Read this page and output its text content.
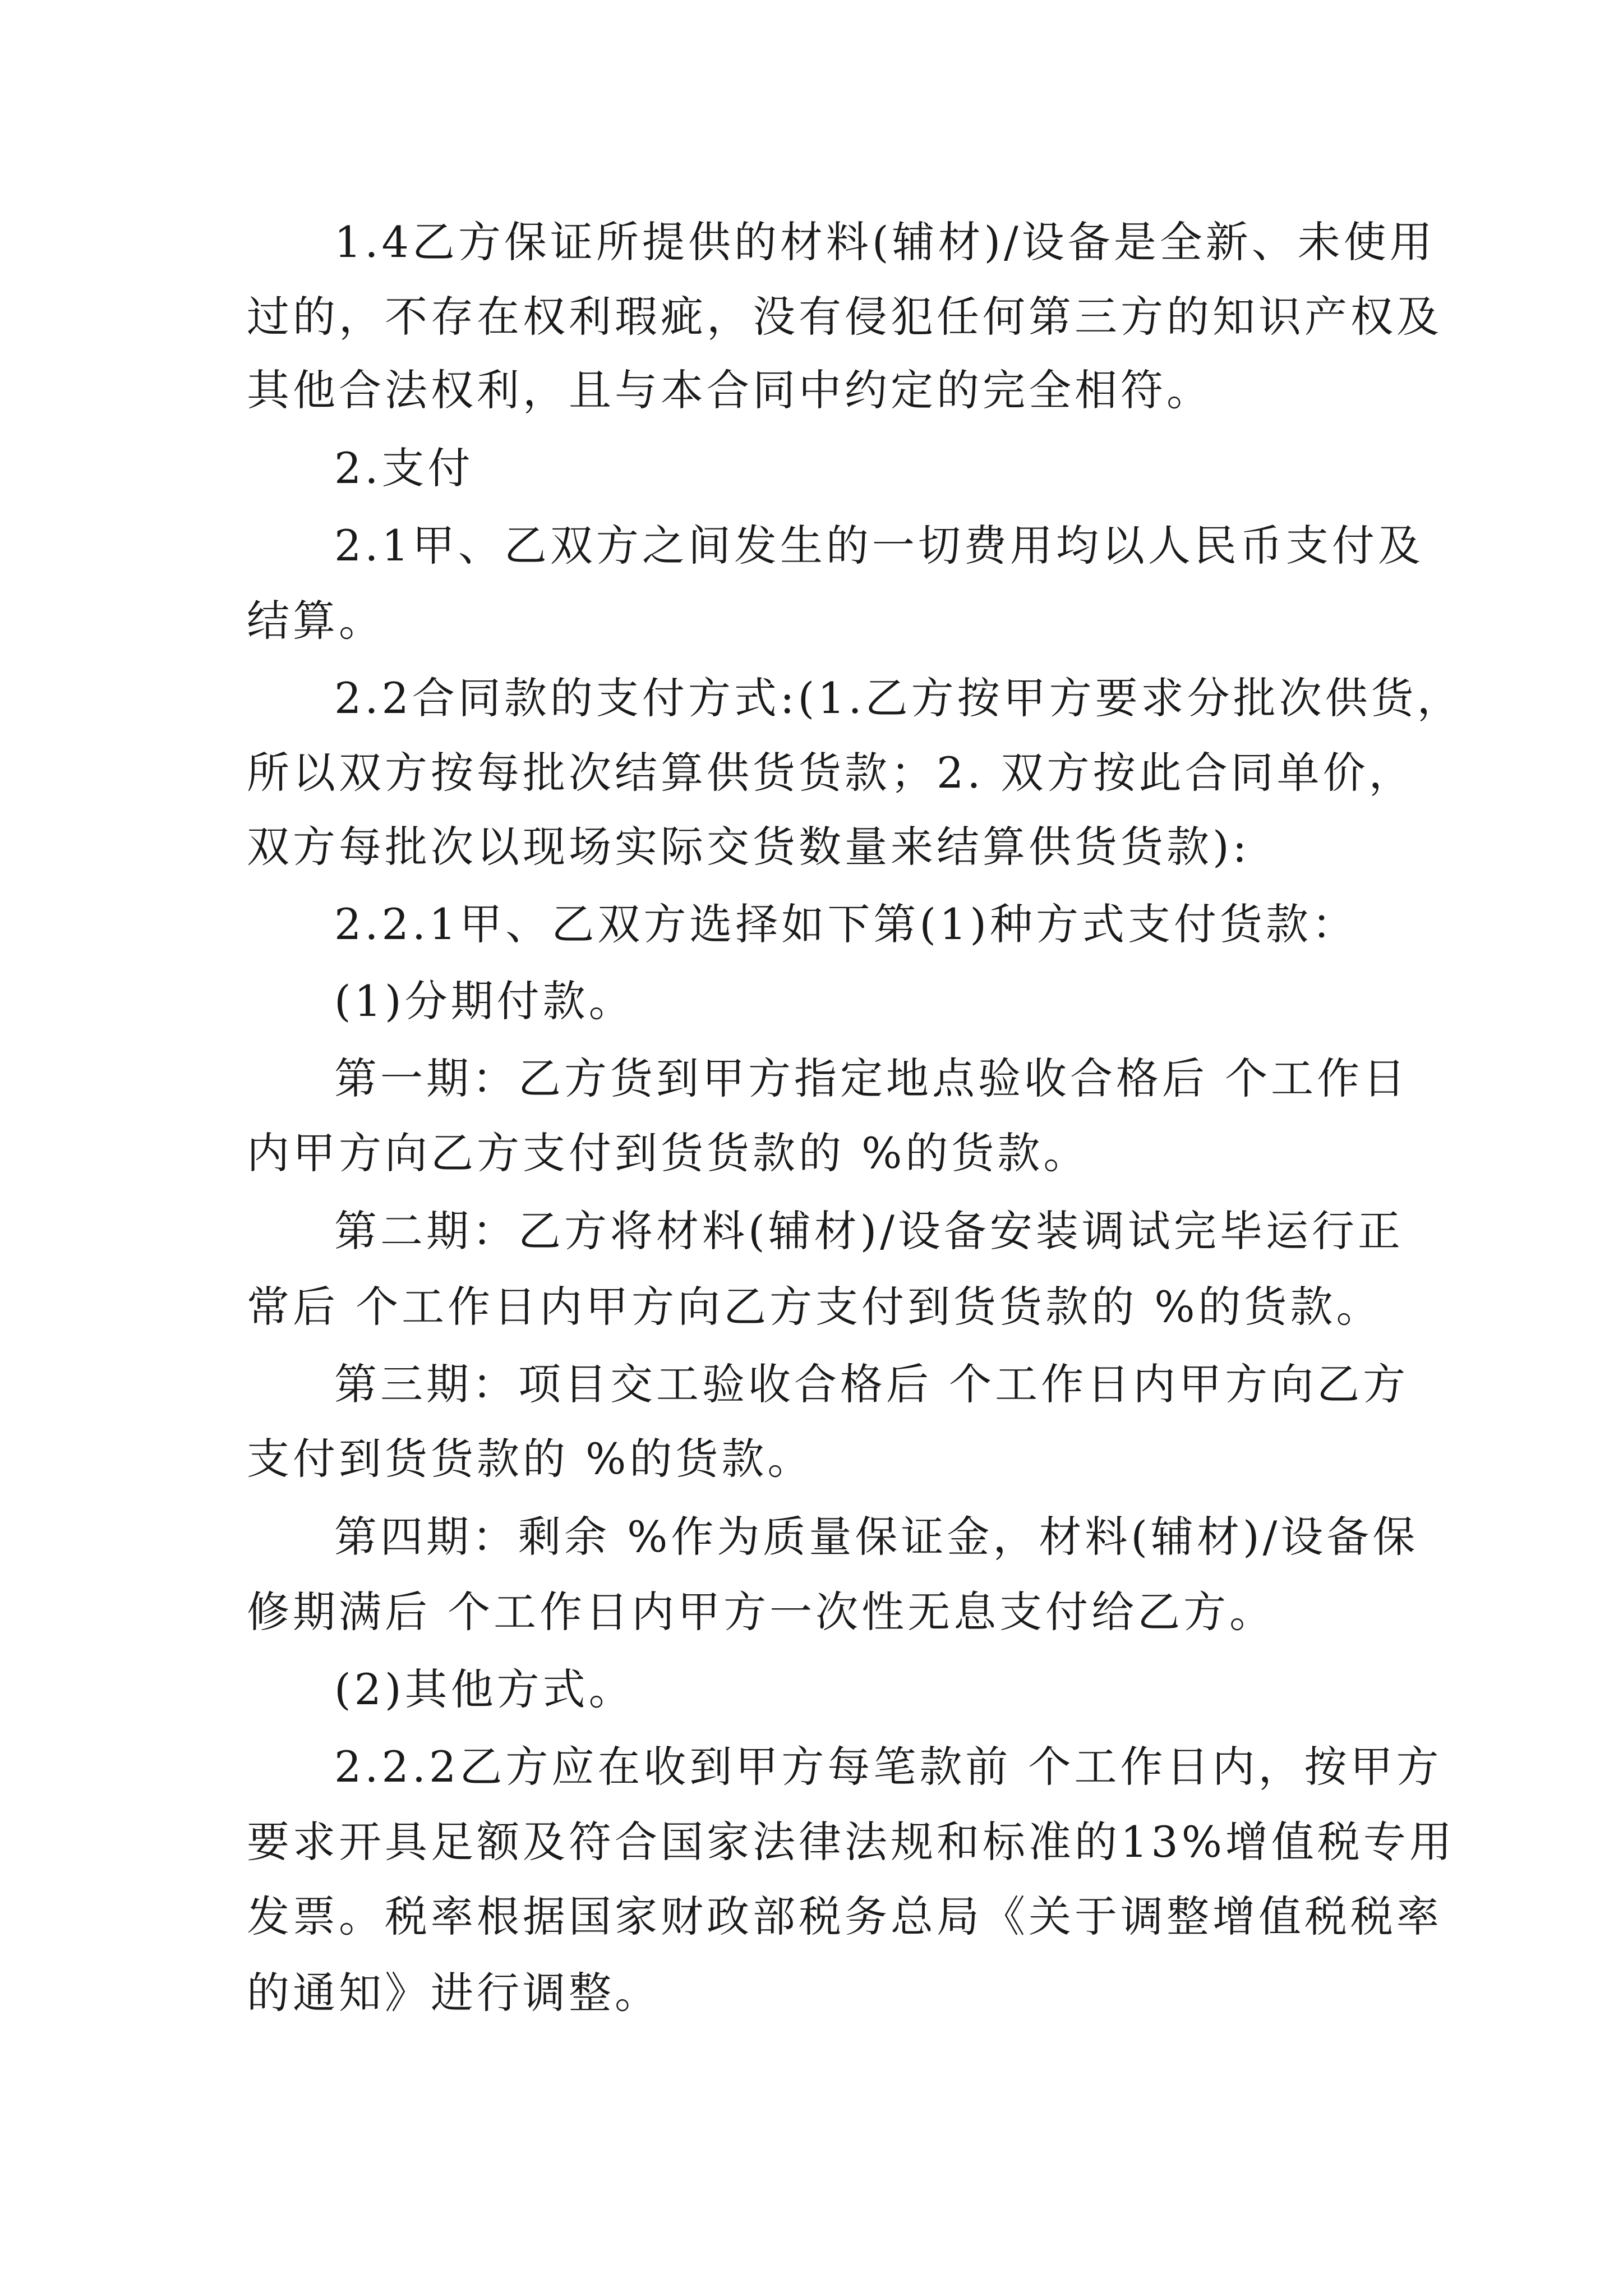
1.4乙方保证所提供的材料(辅材)/设备是全新、未使用
过的，不存在权利瑕疵，没有侵犯任何第三方的知识产权及
其他合法权利，且与本合同中约定的完全相符。
2.支付
2.1甲、乙双方之间发生的一切费用均以人民币支付及
结算。
2.2合同款的支付方式:(1.乙方按甲方要求分批次供货，
所以双方按每批次结算供货货款；2. 双方按此合同单价，
双方每批次以现场实际交货数量来结算供货货款):
2.2.1甲、乙双方选择如下第(1)种方式支付货款：
(1)分期付款。
第一期：乙方货到甲方指定地点验收合格后 个工作日
内甲方向乙方支付到货货款的 %的货款。
第二期：乙方将材料(辅材)/设备安装调试完毕运行正
常后 个工作日内甲方向乙方支付到货货款的 %的货款。
第三期：项目交工验收合格后 个工作日内甲方向乙方
支付到货货款的 %的货款。
第四期：剩余 %作为质量保证金，材料(辅材)/设备保
修期满后 个工作日内甲方一次性无息支付给乙方。
(2)其他方式。
2.2.2乙方应在收到甲方每笔款前 个工作日内，按甲方
要求开具足额及符合国家法律法规和标准的13%增值税专用
发票。税率根据国家财政部税务总局《关于调整增值税税率
的通知》进行调整。
